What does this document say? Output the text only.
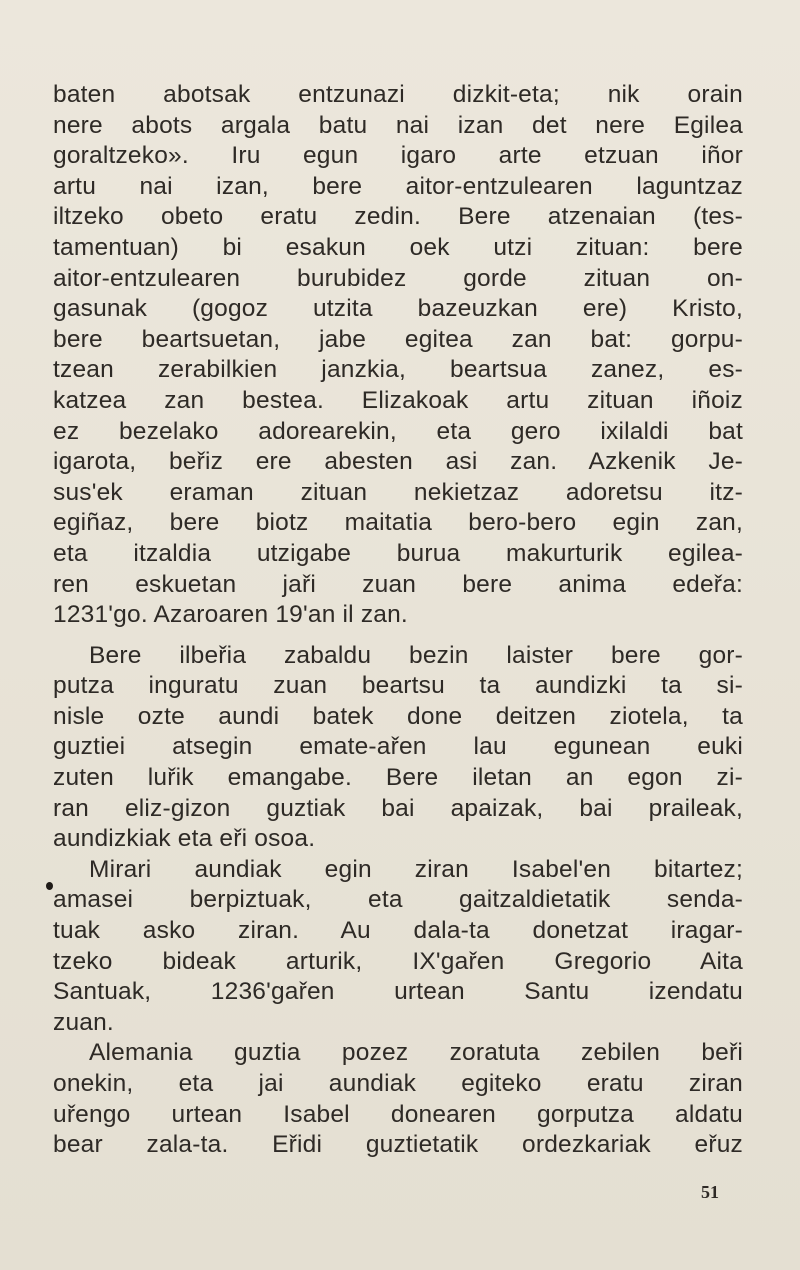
baten abotsak entzunazi dizkit-eta; nik orain
nere abots argala batu nai izan det nere Egilea
goraltzeko». Iru egun igaro arte etzuan iñor
artu nai izan, bere aitor-entzulearen laguntzaz
iltzeko obeto eratu zedin. Bere atzenaian (tes-
tamentuan) bi esakun oek utzi zituan: bere
aitor-entzulearen burubidez gorde zituan on-
gasunak (gogoz utzita bazeuzkan ere) Kristo,
bere beartsuetan, jabe egitea zan bat: gorpu-
tzean zerabilkien janzkia, beartsua zanez, es-
katzea zan bestea. Elizakoak artu zituan iñoiz
ez bezelako adorearekin, eta gero ixilaldi bat
igarota, beřiz ere abesten asi zan. Azkenik Je-
sus'ek eraman zituan nekietzaz adoretsu itz-
egiñaz, bere biotz maitatia bero-bero egin zan,
eta itzaldia utzigabe burua makurturik egilea-
ren eskuetan jaři zuan bere anima edeřa:
1231'go. Azaroaren 19'an il zan.
Bere ilbeřia zabaldu bezin laister bere gor-
putza inguratu zuan beartsu ta aundizki ta si-
nisle ozte aundi batek done deitzen ziotela, ta
guztiei atsegin emate-ařen lau egunean euki
zuten luřik emangabe. Bere iletan an egon zi-
ran eliz-gizon guztiak bai apaizak, bai praileak,
aundizkiak eta eři osoa.
Mirari aundiak egin ziran Isabel'en bitartez;
amasei berpiztuak, eta gaitzaldietatik senda-
tuak asko ziran. Au dala-ta donetzat iragar-
tzeko bideak arturik, IX'gařen Gregorio Aita
Santuak, 1236'gařen urtean Santu izendatu
zuan.
Alemania guztia pozez zoratuta zebilen beři
onekin, eta jai aundiak egiteko eratu ziran
uřengo urtean Isabel donearen gorputza aldatu
bear zala-ta. Eřidi guztietatik ordezkariak eřuz
51
